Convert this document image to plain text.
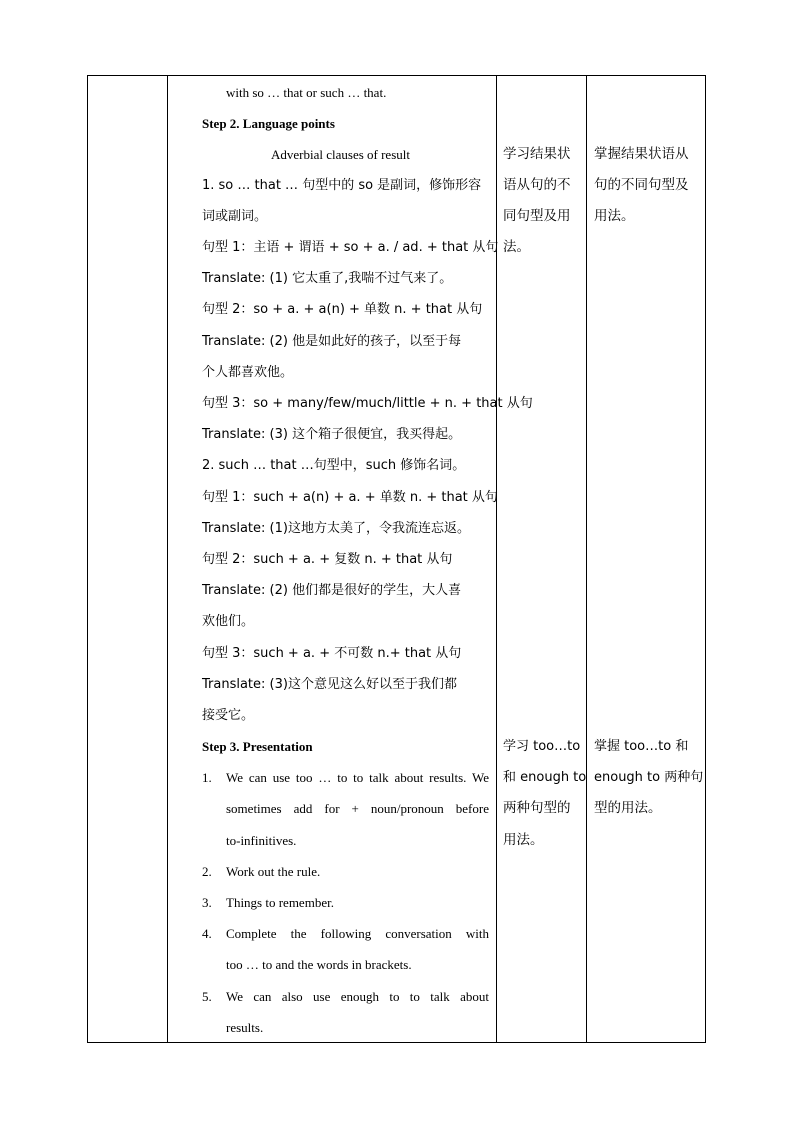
with so … that or such … that.
Step 2. Language points
Adverbial clauses of result
1. so … that … 句型中的 so 是副词，修饰形容
词或副词。
句型 1：主语 + 谓语 + so + a. / ad. + that 从句
Translate: (1) 它太重了,我喘不过气来了。
句型 2：so + a. + a(n) + 单数 n. + that 从句
Translate: (2) 他是如此好的孩子，以至于每
个人都喜欢他。
句型 3：so + many/few/much/little + n. + that 从句
Translate: (3) 这个箱子很便宜，我买得起。
2. such … that …句型中，such 修饰名词。
句型 1：such + a(n) + a. + 单数 n. + that 从句
Translate: (1)这地方太美了，令我流连忘返。
句型 2：such + a. + 复数 n. + that 从句
Translate: (2) 他们都是很好的学生，大人喜
欢他们。
句型 3：such + a. + 不可数 n.+ that 从句
Translate: (3)这个意见这么好以至于我们都
接受它。
Step 3. Presentation
1. We can use too … to to talk about results. We
sometimes add for + noun/pronoun before
to-infinitives.
2. Work out the rule.
3. Things to remember.
4. Complete the following conversation with
too … to and the words in brackets.
5. We can also use enough to to talk about
results.
学习结果状
语从句的不
同句型及用
法。
学习 too…to
和 enough to
两种句型的
用法。
掌握结果状语从
句的不同句型及
用法。
掌握 too…to 和
enough to 两种句
型的用法。
